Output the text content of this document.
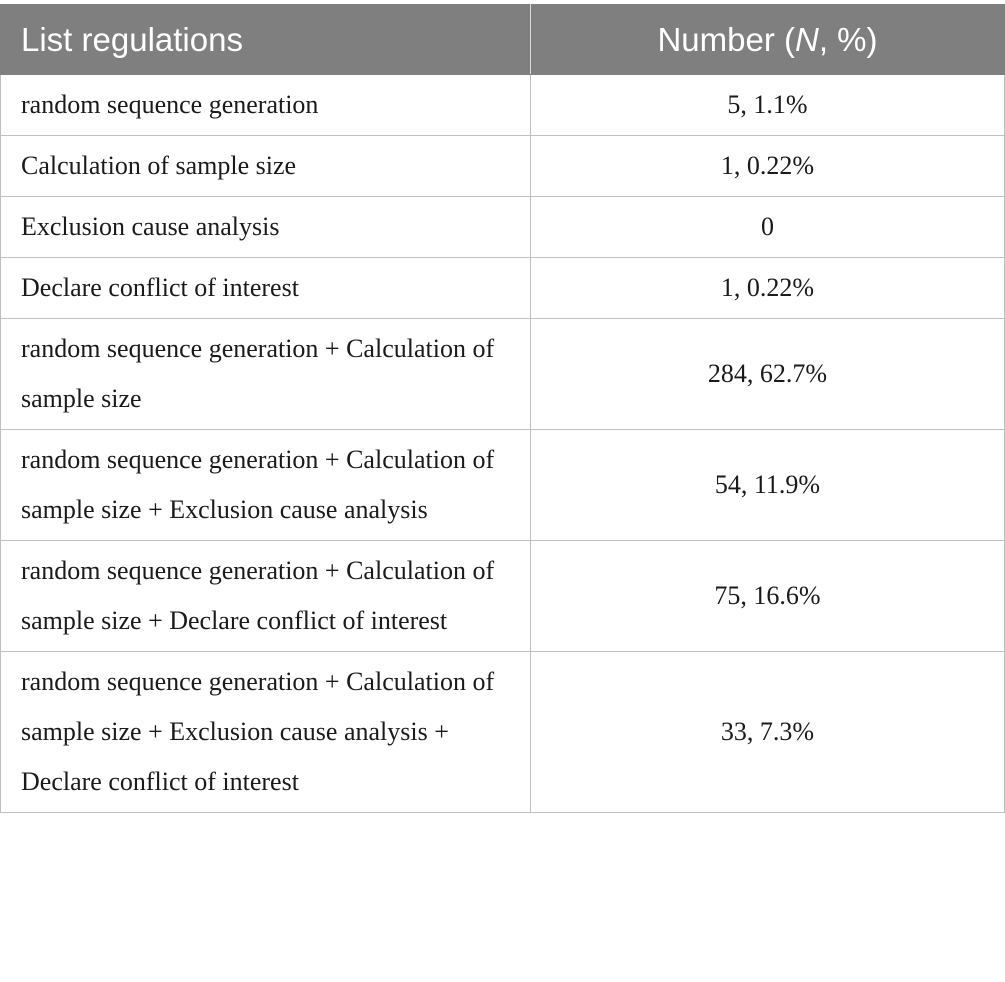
List regulations	Number (N, %)
random sequence generation	5, 1.1%
Calculation of sample size	1, 0.22%
Exclusion cause analysis	0
Declare conflict of interest	1, 0.22%
random sequence generation + Calculation of sample size	284, 62.7%
random sequence generation + Calculation of sample size + Exclusion cause analysis	54, 11.9%
random sequence generation + Calculation of sample size + Declare conflict of interest	75, 16.6%
random sequence generation + Calculation of sample size + Exclusion cause analysis + Declare conflict of interest	33, 7.3%
